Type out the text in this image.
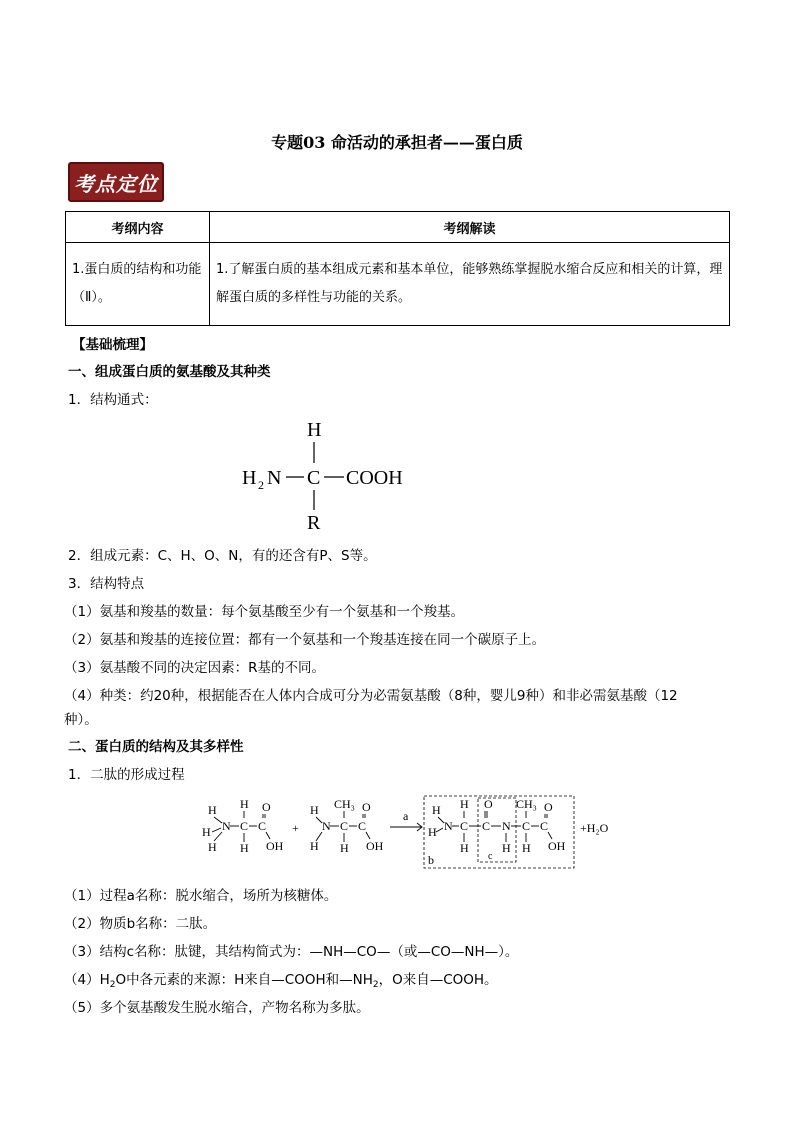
专题03 命活动的承担者——蛋白质
考点定位
考纲内容	考纲解读
1.蛋白质的结构和功能（Ⅱ）。	1.了解蛋白质的基本组成元素和基本单位，能够熟练掌握脱水缩合反应和相关的计算，理解蛋白质的多样性与功能的关系。
【基础梳理】
一、组成蛋白质的氨基酸及其种类
1．结构通式：
H
H 2 N C COOH
R
2．组成元素：C、H、O、N，有的还含有P、S等。
3．结构特点
（1）氨基和羧基的数量：每个氨基酸至少有一个氨基和一个羧基。
（2）氨基和羧基的连接位置：都有一个氨基和一个羧基连接在同一个碳原子上。
（3）氨基酸不同的决定因素：R基的不同。
（4）种类：约20种，根据能否在人体内合成可分为必需氨基酸（8种，婴儿9种）和非必需氨基酸（12
种）。
二、蛋白质的结构及其多样性
1．二肽的形成过程
H
H N
H
C
H
H
C
O
OH
+
H
N
H
C
CH₃
H
C
O
OH
a H
H N C
H
H
C
O
N
H
C
CH₃
H
C
O
OH
b	c
+H₂O
（1）过程a名称：脱水缩合，场所为核糖体。
（2）物质b名称：二肽。
（3）结构c名称：肽键，其结构简式为：—NH—CO—（或—CO—NH—）。
$(4)H_2O$中各元素的来源：H来自—COOH和$—NH_2$，O来自—COOH。
（5）多个氨基酸发生脱水缩合，产物名称为多肽。
